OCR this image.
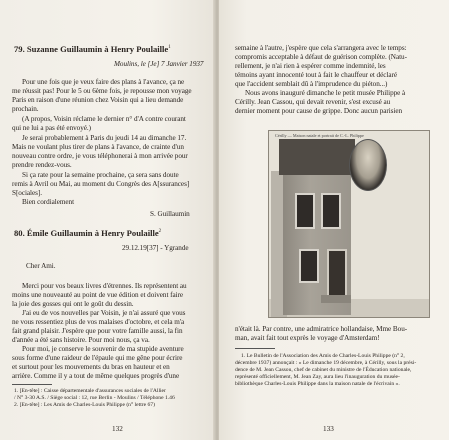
79. Suzanne Guillaumin à Henry Poulaille$^1$
Moulins, le [Je] 7 Janvier 1937
Pour une fois que je veux faire des plans à l'avance, ça ne
me réussit pas! Pour le 5 ou 6ème fois, je repousse mon voyage
Paris en raison d'une réunion chez Voisin qui a lieu demande
prochain.
(A propos, Voisin réclame le dernier n° d'A contre courant
qui ne lui a pas été envoyé.)
Je serai probablement à Paris du jeudi 14 au dimanche 17.
Mais ne voulant plus tirer de plans à l'avance, de crainte d'un
nouveau contre ordre, je vous téléphonerai à mon arrivée pour
prendre rendez-vous.
Si ça rate pour la semaine prochaine, ça sera sans doute
remis à Avril ou Mai, au moment du Congrès des A[ssurances]
S[ociales].
Bien cordialement
S. Guillaumin
80. Émile Guillaumin à Henry Poulaille$^2$
29.12.19[37] - Ygrande
Cher Ami.
Merci pour vos beaux livres d'étrennes. Ils représentent au
moins une nouveauté au point de vue édition et doivent faire
la joie des gosses qui ont le goût du dessin.
J'ai eu de vos nouvelles par Voisin, je n'ai assuré que vous
ne vous ressentiez plus de vos malaises d'octobre, et cela m'a
fait grand plaisir. J'espère que pour votre famille aussi, la fin
d'année a été sans histoire. Pour moi nous, ça va.
Pour moi, je conserve le souvenir de ma stupide aventure
sous forme d'une raideur de l'épaule qui me gêne pour écrire
et surtout pour les mouvements du bras en hauteur et en
arrière. Comme il y a tout de même quelques progrès d'une
1. [En-tête] : Caisse départementale d'assurances sociales de l'Allier
/ N° 3-30 A.S. / Siège social : 12, rue Berlin - Moulins / Téléphone 1.46
2. [En-tête] : Les Amis de Charles-Louis Philippe (n° lettre 67)
132
semaine à l'autre, j'espère que cela s'arrangera avec le temps:
compromis acceptable à défaut de guérison complète. (Natu-
rellement, je n'ai rien à espérer comme indemnité, les
témoins ayant innocenté tout à fait le chauffeur et déclaré
que l'accident semblait dû à l'imprudence du piéton...)
Nous avons inauguré dimanche le petit musée Philippe à
Cérilly. Jean Cassou, qui devait revenir, s'est excusé au
dernier moment pour cause de grippe. Donc aucun parisien
Cérilly — Maison natale et portrait de C.-L. Philippe
n'était là. Par contre, une admiratrice hollandaise, Mme Bou-
man, avait fait tout exprès le voyage d'Amsterdam!
1. Le Bulletin de l'Association des Amis de Charles-Louis Philippe (n° 2,
décembre 1937) annonçait : « Le dimanche 19 décembre, à Cérilly, sous la prési-
dence de M. Jean Cassou, chef de cabinet du ministre de l'Éducation nationale,
représenté officiellement, M. Jean Zay, aura lieu l'inauguration du musée-
bibliothèque Charles-Louis Philippe dans la maison natale de l'écrivain ».
133
